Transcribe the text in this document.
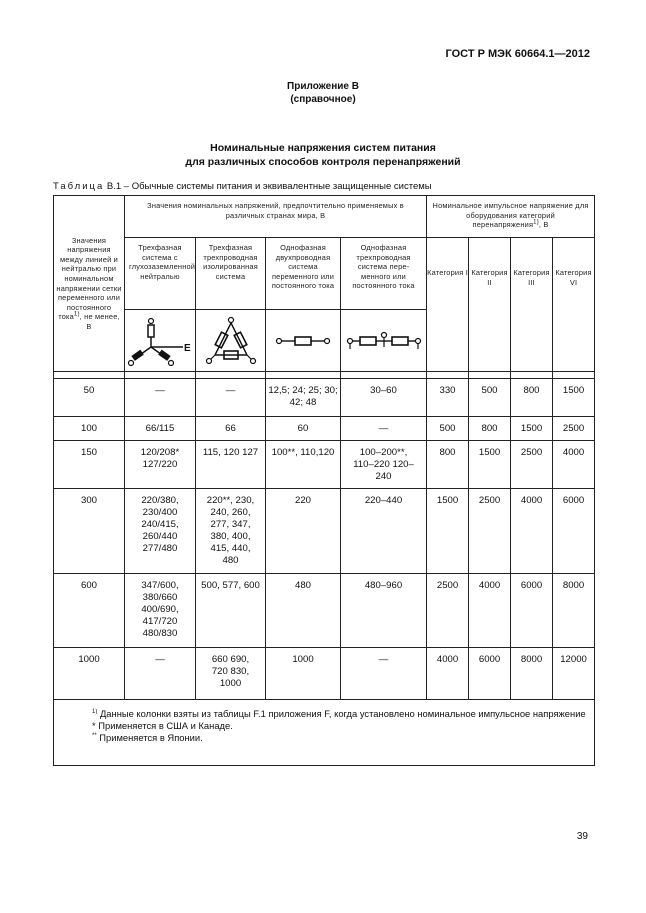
ГОСТ Р МЭК 60664.1—2012
Приложение В
(справочное)
Номинальные напряжения систем питания
для различных способов контроля перенапряжений
Таблица В.1 – Обычные системы питания и эквивалентные защищенные системы
Значения напряжения между линией и нейтралью при номинальном напряжении сетки переменного или постоянного тока$^{1)}$, не менее, В	Значения номинальных напряжений, предпочтительно применяемых в различных странах мира, В				Номинальное импульсное напряжение для оборудования категорий перенапряжения$^{1)}$, В			
	Трехфазная система с глухозаземленной нейтралью	Трехфазная трехпроводная изолированная система	Однофазная двухпроводная система переменного или постоянного тока	Однофазная трехпроводная система переменного или постоянного тока	Категория I	Категория II	Категория III	Категория VI

E

50	—	—	12,5; 24; 25; 30; 42; 48	30–60	330	500	800	1500
100	66/115	66	60	—	500	800	1500	2500
150	120/208* 127/220	115, 120 127	100**, 110,120	100–200**, 110–220 120–240	800	1500	2500	4000
300	220/380, 230/400 240/415, 260/440 277/480	220**, 230, 240, 260, 277, 347, 380, 400, 415, 440, 480	220	220–440	1500	2500	4000	6000
600	347/600, 380/660 400/690, 417/720 480/830	500, 577, 600	480	480–960	2500	4000	6000	8000
1000	—	660 690, 720 830, 1000	1000	—	4000	6000	8000	12000

$^{1)}$ Данные колонки взяты из таблицы F.1 приложения F, когда установлено номинальное импульсное напряжение
* Применяется в США и Канаде.
** Применяется в Японии.								
39
